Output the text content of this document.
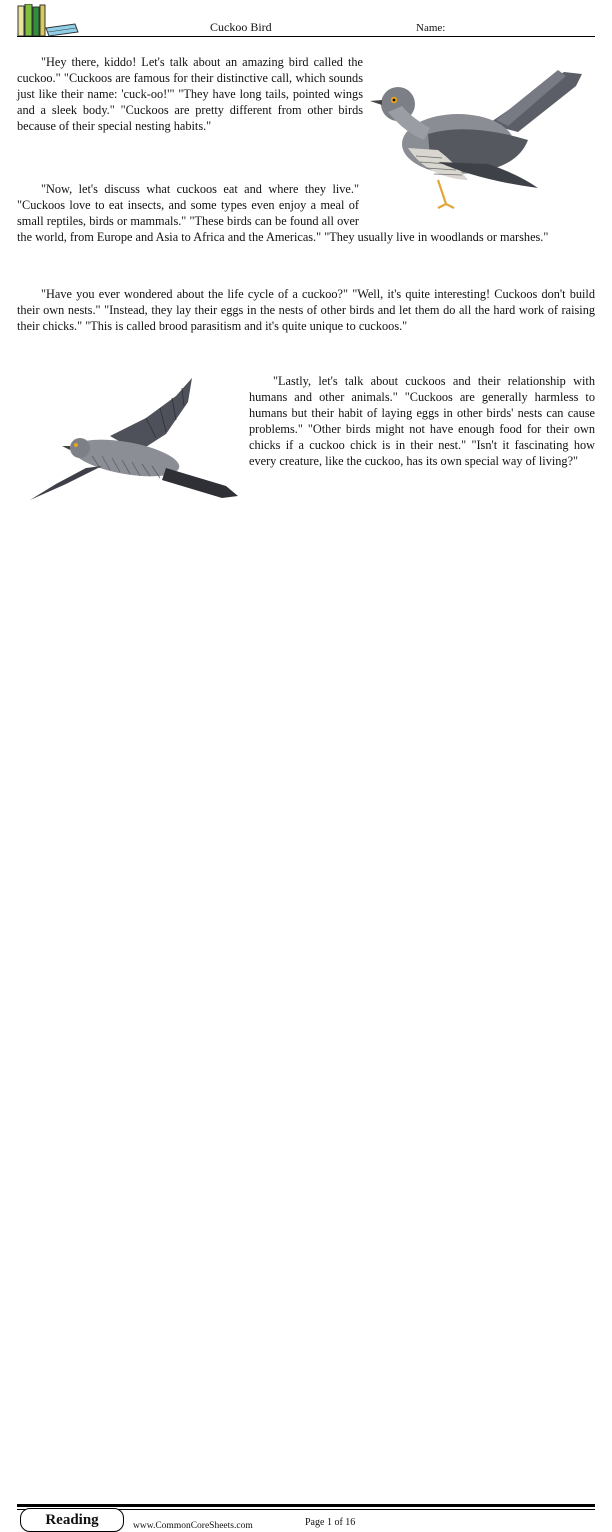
Cuckoo Bird	Name:

"Hey there, kiddo! Let's talk about an amazing bird called the cuckoo." "Cuckoos are famous for their distinctive call, which sounds just like their name: 'cuck-oo!'" "They have long tails, pointed wings and a sleek body." "Cuckoos are pretty different from other birds because of their special nesting habits."

"Now, let's discuss what cuckoos eat and where they live." "Cuckoos love to eat insects, and some types even enjoy a meal of small reptiles, birds or mammals." "These birds can be found all over the world, from Europe and Asia to Africa and the Americas." "They usually live in woodlands or marshes."

"Have you ever wondered about the life cycle of a cuckoo?" "Well, it's quite interesting! Cuckoos don't build their own nests." "Instead, they lay their eggs in the nests of other birds and let them do all the hard work of raising their chicks." "This is called brood parasitism and it's quite unique to cuckoos."

"Lastly, let's talk about cuckoos and their relationship with humans and other animals." "Cuckoos are generally harmless to humans but their habit of laying eggs in other birds' nests can cause problems." "Other birds might not have enough food for their own chicks if a cuckoo chick is in their nest." "Isn't it fascinating how every creature, like the cuckoo, has its own special way of living?"

Reading	www.CommonCoreSheets.com	Page 1 of 16
